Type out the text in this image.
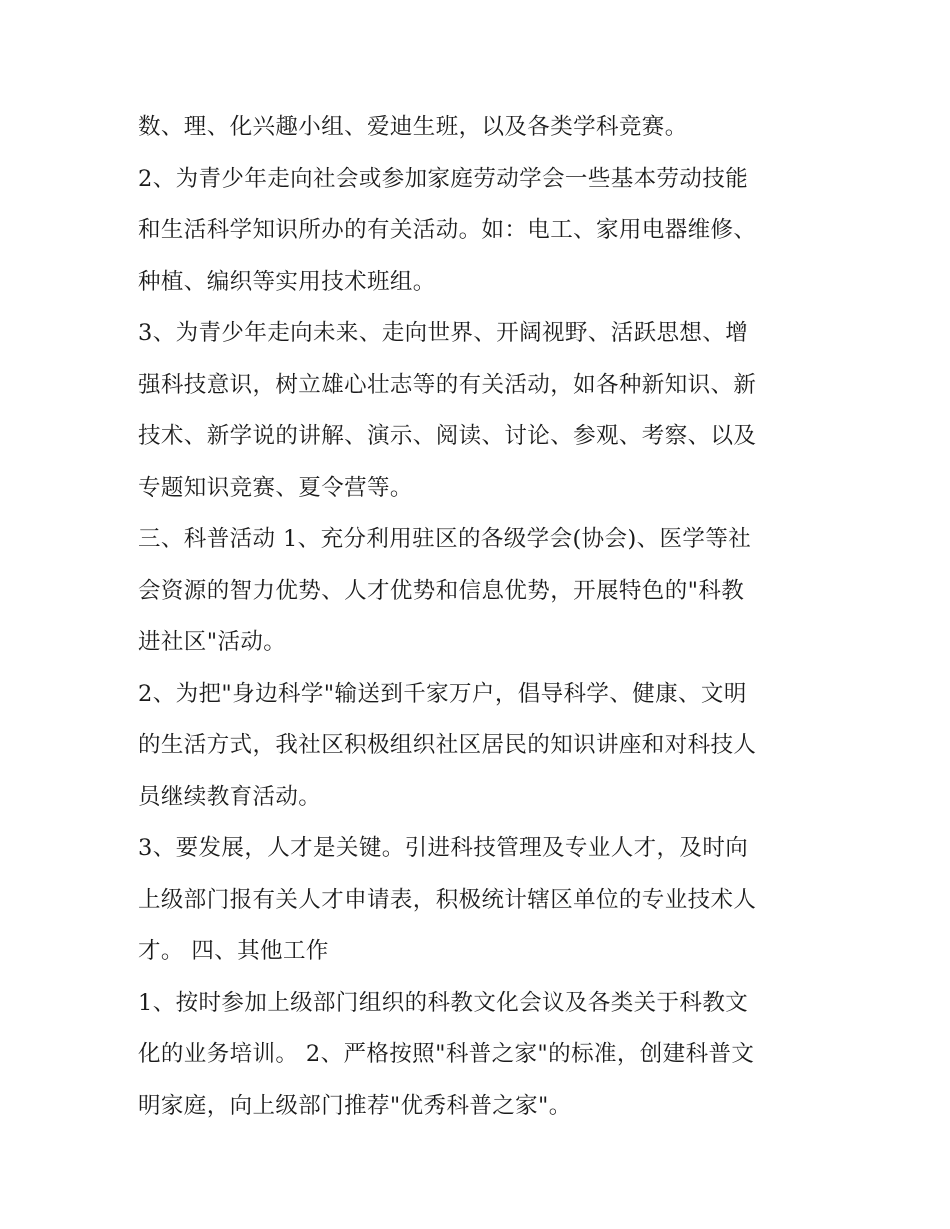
数、理、化兴趣小组、爱迪生班，以及各类学科竞赛。
2、为青少年走向社会或参加家庭劳动学会一些基本劳动技能
和生活科学知识所办的有关活动。如：电工、家用电器维修、
种植、编织等实用技术班组。
3、为青少年走向未来、走向世界、开阔视野、活跃思想、增
强科技意识，树立雄心壮志等的有关活动，如各种新知识、新
技术、新学说的讲解、演示、阅读、讨论、参观、考察、以及
专题知识竞赛、夏令营等。
三、科普活动 1、充分利用驻区的各级学会(协会)、医学等社
会资源的智力优势、人才优势和信息优势，开展特色的"科教
进社区"活动。
2、为把"身边科学"输送到千家万户，倡导科学、健康、文明
的生活方式，我社区积极组织社区居民的知识讲座和对科技人
员继续教育活动。
3、要发展，人才是关键。引进科技管理及专业人才，及时向
上级部门报有关人才申请表，积极统计辖区单位的专业技术人
才。 四、其他工作
1、按时参加上级部门组织的科教文化会议及各类关于科教文
化的业务培训。 2、严格按照"科普之家"的标准，创建科普文
明家庭，向上级部门推荐"优秀科普之家"。
